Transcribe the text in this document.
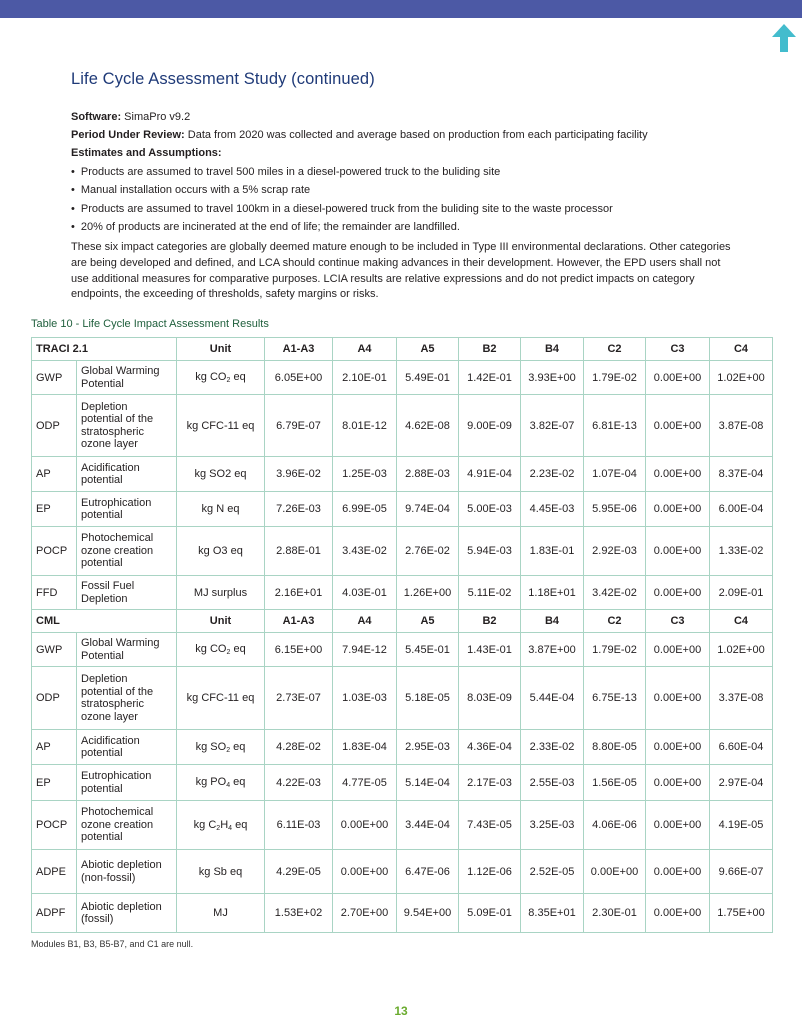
Life Cycle Assessment Study (continued)
Software: SimaPro v9.2
Period Under Review: Data from 2020 was collected and average based on production from each participating facility
Estimates and Assumptions:
• Products are assumed to travel 500 miles in a diesel-powered truck to the buliding site
• Manual installation occurs with a 5% scrap rate
• Products are assumed to travel 100km in a diesel-powered truck from the buliding site to the waste processor
• 20% of products are incinerated at the end of life; the remainder are landfilled.
These six impact categories are globally deemed mature enough to be included in Type III environmental declarations. Other categories are being developed and defined, and LCA should continue making advances in their development. However, the EPD users shall not use additional measures for comparative purposes. LCIA results are relative expressions and do not predict impacts on category endpoints, the exceeding of thresholds, safety margins or risks.
Table 10 - Life Cycle Impact Assessment Results
TRACI 2.1		Unit	A1-A3	A4	A5	B2	B4	C2	C3	C4
GWP	Global Warming Potential	kg $CO_2$ eq	6.05E+00	2.10E-01	5.49E-01	1.42E-01	3.93E+00	1.79E-02	0.00E+00	1.02E+00
ODP	Depletion potential of the stratospheric ozone layer	kg CFC-11 eq	6.79E-07	8.01E-12	4.62E-08	9.00E-09	3.82E-07	6.81E-13	0.00E+00	3.87E-08
AP	Acidification potential	kg SO2 eq	3.96E-02	1.25E-03	2.88E-03	4.91E-04	2.23E-02	1.07E-04	0.00E+00	8.37E-04
EP	Eutrophication potential	kg N eq	7.26E-03	6.99E-05	9.74E-04	5.00E-03	4.45E-03	5.95E-06	0.00E+00	6.00E-04
POCP	Photochemical ozone creation potential	kg O3 eq	2.88E-01	3.43E-02	2.76E-02	5.94E-03	1.83E-01	2.92E-03	0.00E+00	1.33E-02
FFD	Fossil Fuel Depletion	MJ surplus	2.16E+01	4.03E-01	1.26E+00	5.11E-02	1.18E+01	3.42E-02	0.00E+00	2.09E-01
CML		Unit	A1-A3	A4	A5	B2	B4	C2	C3	C4
GWP	Global Warming Potential	kg $CO_2$ eq	6.15E+00	7.94E-12	5.45E-01	1.43E-01	3.87E+00	1.79E-02	0.00E+00	1.02E+00
ODP	Depletion potential of the stratospheric ozone layer	kg CFC-11 eq	2.73E-07	1.03E-03	5.18E-05	8.03E-09	5.44E-04	6.75E-13	0.00E+00	3.37E-08
AP	Acidification potential	kg $SO_2$ eq	4.28E-02	1.83E-04	2.95E-03	4.36E-04	2.33E-02	8.80E-05	0.00E+00	6.60E-04
EP	Eutrophication potential	kg $PO_4$ eq	4.22E-03	4.77E-05	5.14E-04	2.17E-03	2.55E-03	1.56E-05	0.00E+00	2.97E-04
POCP	Photochemical ozone creation potential	kg $C_2H_4$ eq	6.11E-03	0.00E+00	3.44E-04	7.43E-05	3.25E-03	4.06E-06	0.00E+00	4.19E-05
ADPE	Abiotic depletion (non-fossil)	kg Sb eq	4.29E-05	0.00E+00	6.47E-06	1.12E-06	2.52E-05	0.00E+00	0.00E+00	9.66E-07
ADPF	Abiotic depletion (fossil)	MJ	1.53E+02	2.70E+00	9.54E+00	5.09E-01	8.35E+01	2.30E-01	0.00E+00	1.75E+00
Modules B1, B3, B5-B7, and C1 are null.
13
